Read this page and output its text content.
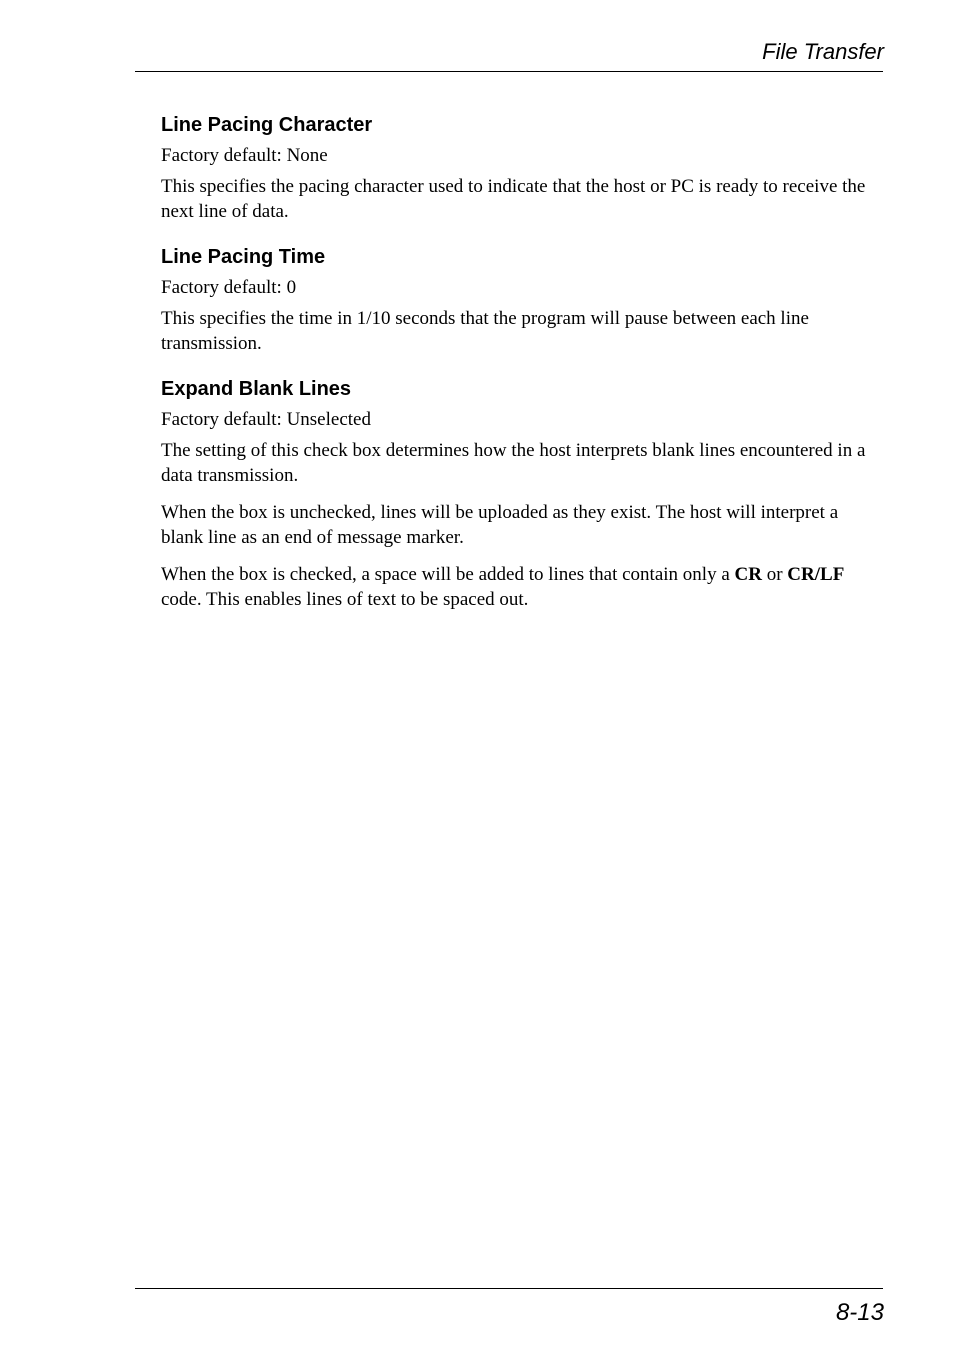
File Transfer
Line Pacing Character

Factory default: None

This specifies the pacing character used to indicate that the host or PC is ready to receive the next line of data.

Line Pacing Time

Factory default: 0

This specifies the time in 1/10 seconds that the program will pause between each line transmission.

Expand Blank Lines

Factory default: Unselected

The setting of this check box determines how the host interprets blank lines encountered in a data transmission.

When the box is unchecked, lines will be uploaded as they exist. The host will interpret a blank line as an end of message marker.

When the box is checked, a space will be added to lines that contain only a CR or CR/LF code. This enables lines of text to be spaced out.

8-13
